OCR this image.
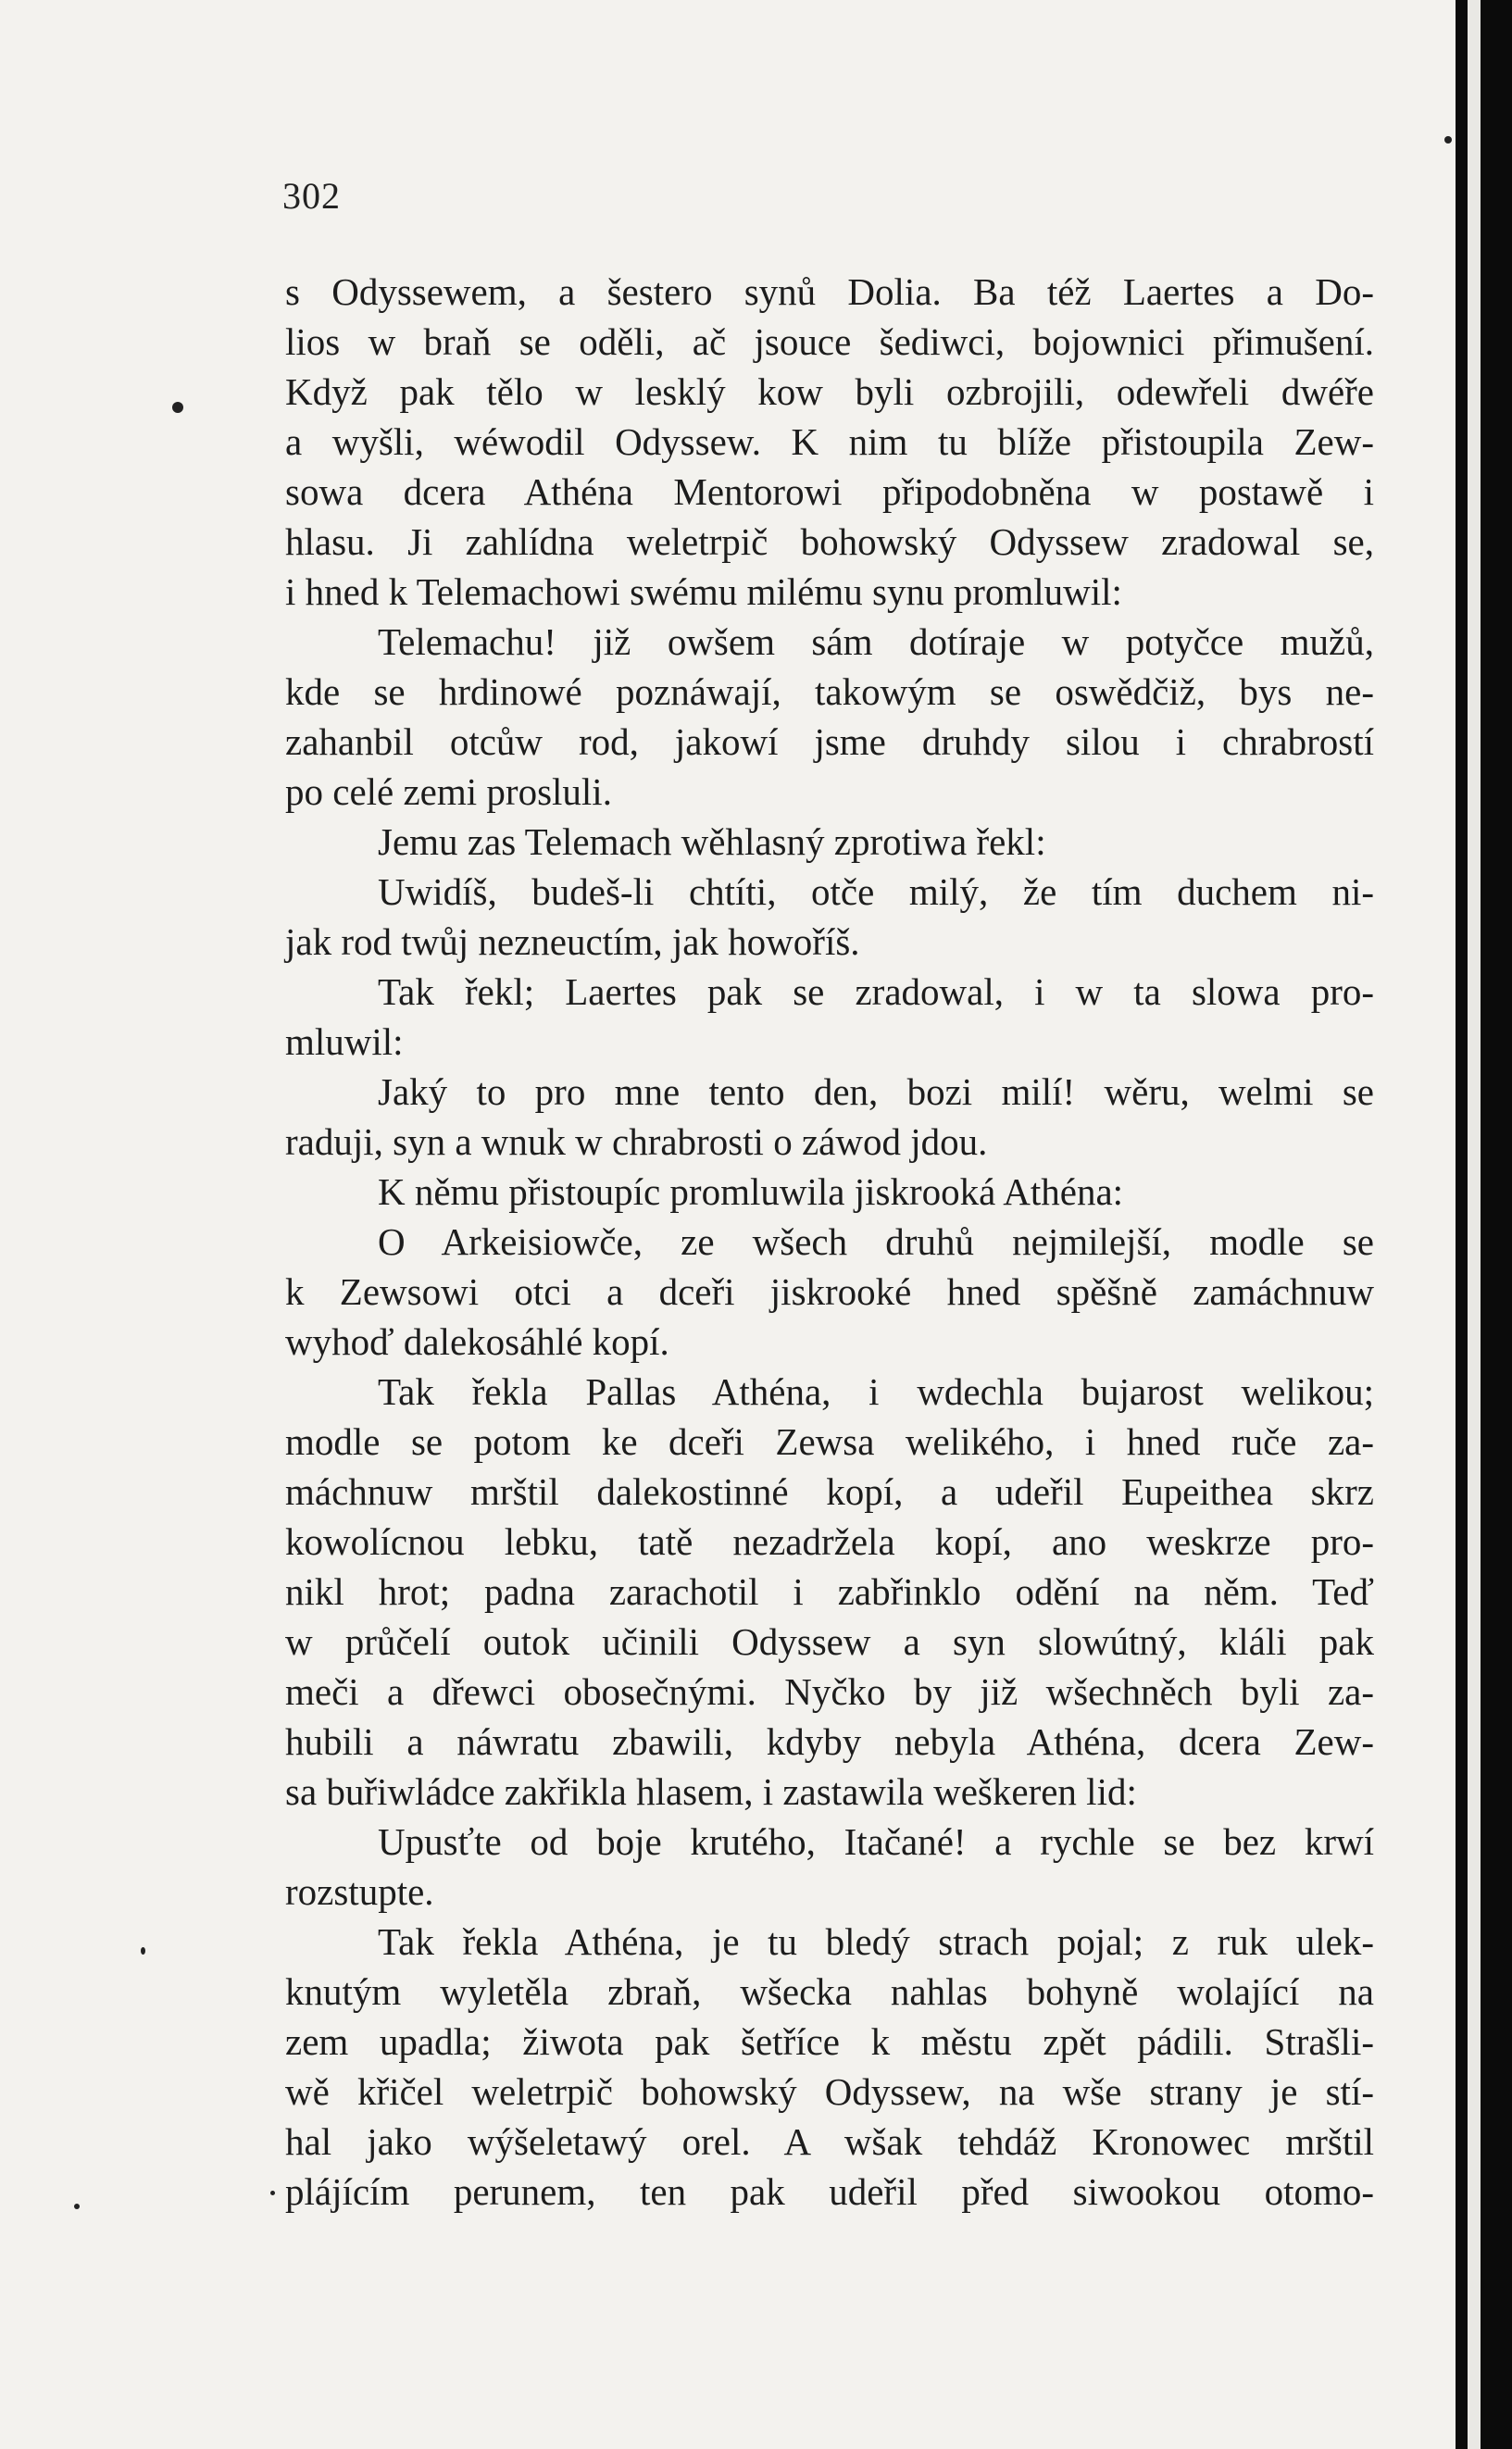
302
s Odyssewem, a šestero synů Dolia. Ba též Laertes a Do-
lios w braň se oděli, ač jsouce šediwci, bojownici přimušení.
Když pak tělo w lesklý kow byli ozbrojili, odewřeli dwéře
a wyšli, wéwodil Odyssew. K nim tu blíže přistoupila Zew-
sowa dcera Athéna Mentorowi připodobněna w postawě i
hlasu. Ji zahlídna weletrpič bohowský Odyssew zradowal se,
i hned k Telemachowi swému milému synu promluwil:
Telemachu! již owšem sám dotíraje w potyčce mužů,
kde se hrdinowé poznáwají, takowým se oswědčiž, bys ne-
zahanbil otcůw rod, jakowí jsme druhdy silou i chrabrostí
po celé zemi prosluli.
Jemu zas Telemach wěhlasný zprotiwa řekl:
Uwidíš, budeš-li chtíti, otče milý, že tím duchem ni-
jak rod twůj nezneuctím, jak howoříš.
Tak řekl; Laertes pak se zradowal, i w ta slowa pro-
mluwil:
Jaký to pro mne tento den, bozi milí! wěru, welmi se
raduji, syn a wnuk w chrabrosti o záwod jdou.
K němu přistoupíc promluwila jiskrooká Athéna:
O Arkeisiowče, ze wšech druhů nejmilejší, modle se
k Zewsowi otci a dceři jiskrooké hned spěšně zamáchnuw
wyhoď dalekosáhlé kopí.
Tak řekla Pallas Athéna, i wdechla bujarost welikou;
modle se potom ke dceři Zewsa welikého, i hned ruče za-
máchnuw mrštil dalekostinné kopí, a udeřil Eupeithea skrz
kowolícnou lebku, tatě nezadržela kopí, ano weskrze pro-
nikl hrot; padna zarachotil i zabřinklo odění na něm. Teď
w průčelí outok učinili Odyssew a syn slowútný, kláli pak
meči a dřewci obosečnými. Nyčko by již wšechněch byli za-
hubili a náwratu zbawili, kdyby nebyla Athéna, dcera Zew-
sa buřiwládce zakřikla hlasem, i zastawila weškeren lid:
Upusťte od boje krutého, Itačané! a rychle se bez krwí
rozstupte.
Tak řekla Athéna, je tu bledý strach pojal; z ruk ulek-
knutým wyletěla zbraň, wšecka nahlas bohyně wolající na
zem upadla; žiwota pak šetříce k městu zpět pádili. Strašli-
wě křičel weletrpič bohowský Odyssew, na wše strany je stí-
hal jako wýšeletawý orel. A wšak tehdáž Kronowec mrštil
plájícím perunem, ten pak udeřil před siwookou otomo-
